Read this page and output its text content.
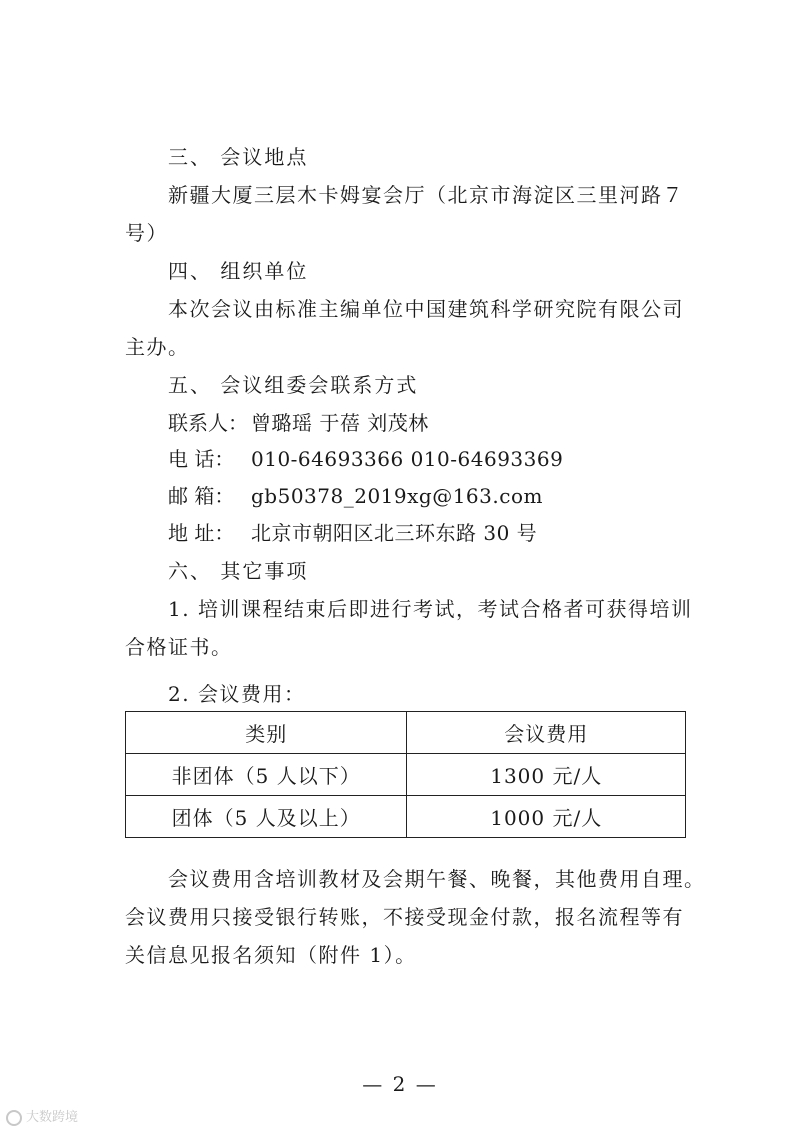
三、 会议地点
新疆大厦三层木卡姆宴会厅（北京市海淀区三里河路７
号）
四、 组织单位
本次会议由标准主编单位中国建筑科学研究院有限公司
主办。
五、 会议组委会联系方式
联系人： 曾璐瑶 于蓓 刘茂林
电 话： 010-64693366 010-64693369
邮 箱： gb50378_2019xg@163.com
地 址： 北京市朝阳区北三环东路 30 号
六、 其它事项
1. 培训课程结束后即进行考试，考试合格者可获得培训
合格证书。
2. 会议费用：
类别	会议费用
非团体（5 人以下）	1300 元/人
团体（5 人及以上）	1000 元/人
会议费用含培训教材及会期午餐、晚餐，其他费用自理。
会议费用只接受银行转账，不接受现金付款，报名流程等有
关信息见报名须知（附件 1）。
— 2 —
大数跨境
